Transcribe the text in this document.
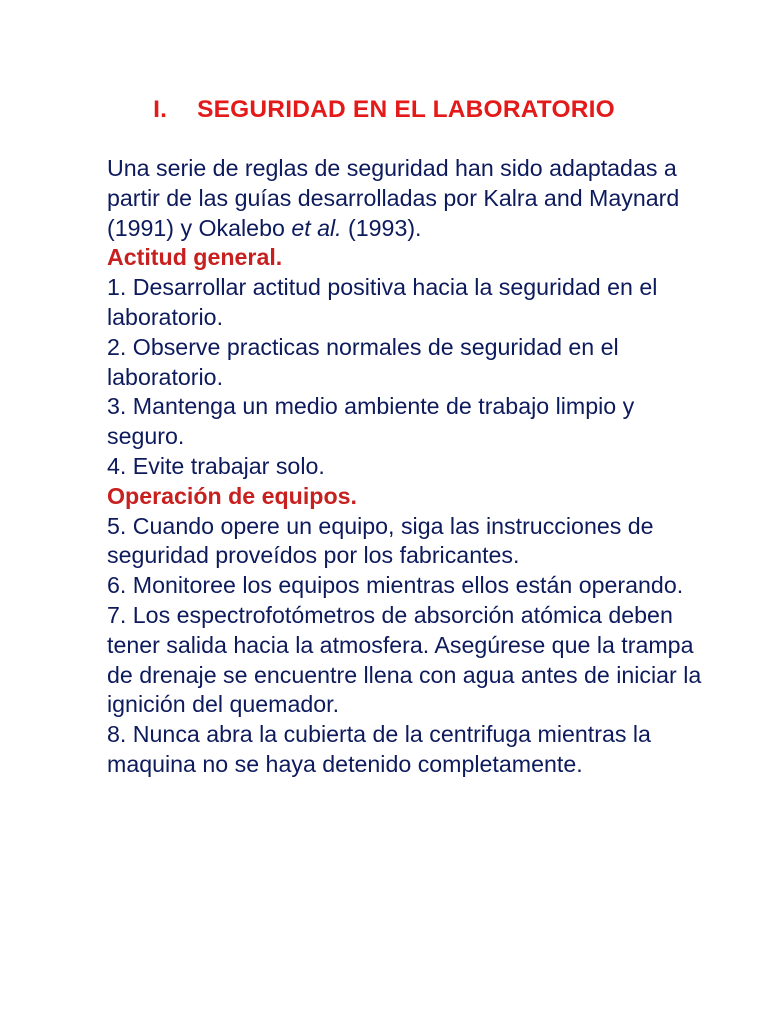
I. SEGURIDAD EN EL LABORATORIO

Una serie de reglas de seguridad han sido adaptadas a partir de las guías desarrolladas por Kalra and Maynard (1991) y Okalebo et al. (1993).

Actitud general.

1. Desarrollar actitud positiva hacia la seguridad en el laboratorio.

2. Observe practicas normales de seguridad en el laboratorio.

3. Mantenga un medio ambiente de trabajo limpio y seguro.

4. Evite trabajar solo.

Operación de equipos.

5. Cuando opere un equipo, siga las instrucciones de seguridad proveídos por los fabricantes.

6. Monitoree los equipos mientras ellos están operando.

7. Los espectrofotómetros de absorción atómica deben tener salida hacia la atmosfera. Asegúrese que la trampa de drenaje se encuentre llena con agua antes de iniciar la ignición del quemador.

8. Nunca abra la cubierta de la centrifuga mientras la maquina no se haya detenido completamente.
